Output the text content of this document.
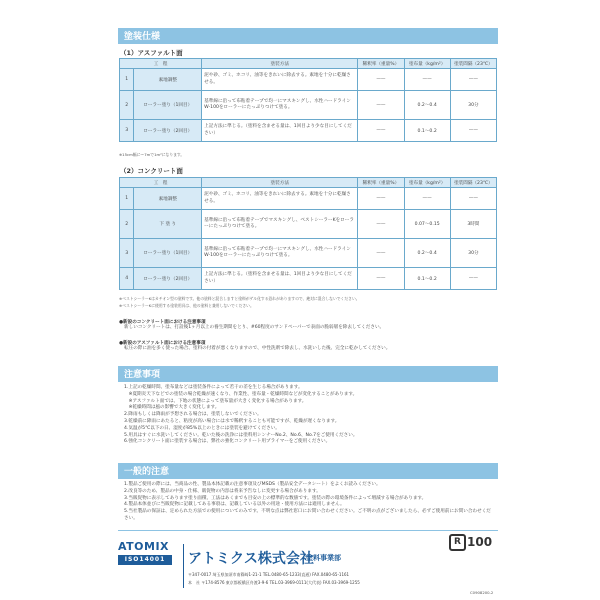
塗装仕様
（1）アスファルト面
工　程		塗装方法	稀釈率（重量%）	塗布量（kg/m²）	塗装間隔（23℃）
1	素地調整	泥や砂、ゴミ、ホコリ、油等をきれいに除去する。素地を十分に乾燥させる。	——	——	——
2	ローラー塗り（1回目）	基準線に沿って布粘着テープで均一にマスキングし、水性ハードラインW-100をローラーにたっぷりつけて塗る。	——	0.2〜0.4	30分
3	ローラー塗り（2回目）	上記方法に準じる。（塗料を含ませる量は、1回目より少な目にしてください）	——	0.1〜0.2	——
※15cm幅に〜7mで1m²になります。
（2）コンクリート面
工　程		塗装方法	稀釈率（重量%）	塗布量（kg/m²）	塗装間隔（23℃）
1	素地調整	泥や砂、ゴミ、ホコリ、油等をきれいに除去する。素地を十分に乾燥させる。	——	——	——
2	下 塗 り	基準線に沿って布粘着テープでマスキングし、ベストシーラーKをローラーにたっぷりつけて塗る。	——	0.07〜0.15	3時間
3	ローラー塗り（1回目）	基準線に沿って布粘着テープで均一にマスキングし、水性ハードラインW-100をローラーにたっぷりつけて塗る。	——	0.2〜0.4	30分
4	ローラー塗り（2回目）	上記方法に準じる。（塗料を含ませる量は、1回目より少な目にしてください）	——	0.1〜0.2	——
※ベストシーラーKはカチオン型の塗料です。他の塗料と混合しますと塗料がゲル化する恐れがありますので、絶対に混合しないでください。
※ベストシーラーKに使用する塗装用具は、他の塗料と兼用しないでください。
●新設のコンクリート面における注意事項
新しいコンクリートは、打設後1ヶ月以上の養生期間をとり、#60程度のサンドペーパーで表面の脆弱層を除去してください。
●新設のアスファルト面における注意事項
転圧の際に油を多く使った場合、塗料の付着が悪くなりますので、中性洗剤で除去し、水洗いした後、完全に乾かしてください。
注意事項
1.上記の乾燥時間、塗布量などは塗装条件によって若干の差を生じる場合があります。
　※夏期炎天下などでの塗装の場合乾燥が速くなり、作業性、塗布量・乾燥時間などが変化することがあります。
　※アスファルト面では、下地の状態によって塗布量が大きく変化する場合があります。
　※乾燥時間は風の影響で大きく変化します。
2.降雨もしくは降雨が予想される場合は、塗装しないでください。
3.乾燥前に降雨にあたると、粘度が高い場合には水で稀釈することも可能ですが、乾燥が遅くなります。
4.気温が5℃以下の日、湿度が85%以上のときには塗装を避けてください。
5.用具はすぐに水洗いしてください。乾いた後の洗浄には塗料用シンナーNo.2、No.6、No.7をご使用ください。
6.強化コンクリート面に塗装する場合は、弊社の強化コンクリート用プライマーをご使用ください。
一般的注意
1.製品ご使用の際には、当商品の性、製品本体記載の注意事項及びMSDS（製品安全データシート）をよくお読みください。
2.改良等のため、製品の中身・仕様、販促物の内容は将来予告なしに変更する場合があります。
3.当販促物に表示してあります塗り面積、工法はあくまでも目安の上の標準的な数値です。塗装の際の環境条件によって増減する場合があります。
4.製品本体並びに当販促物に記載してある事項は、記載している以外の用途・使用方法には適用しません。
5.当社製品の保証は、定められた方法での使用についてのみです。不明な点は弊社窓口にお問い合わせください。ご不明の点がございましたら、必ずご使用前にお問い合わせください。
ATOMIX
ISO14001	アトミクス株式会社
塗料事業部
〒347-0017 埼玉県加須市南篠崎1-21-1 TEL.0480-65-1233(直通) FAX.0480-65-1161
本　社 〒174-8576 東京都板橋区舟渡3-9-6 TEL.03-3969-0111(大代表) FAX.03-3969-1255
R 100
C0908200-2
